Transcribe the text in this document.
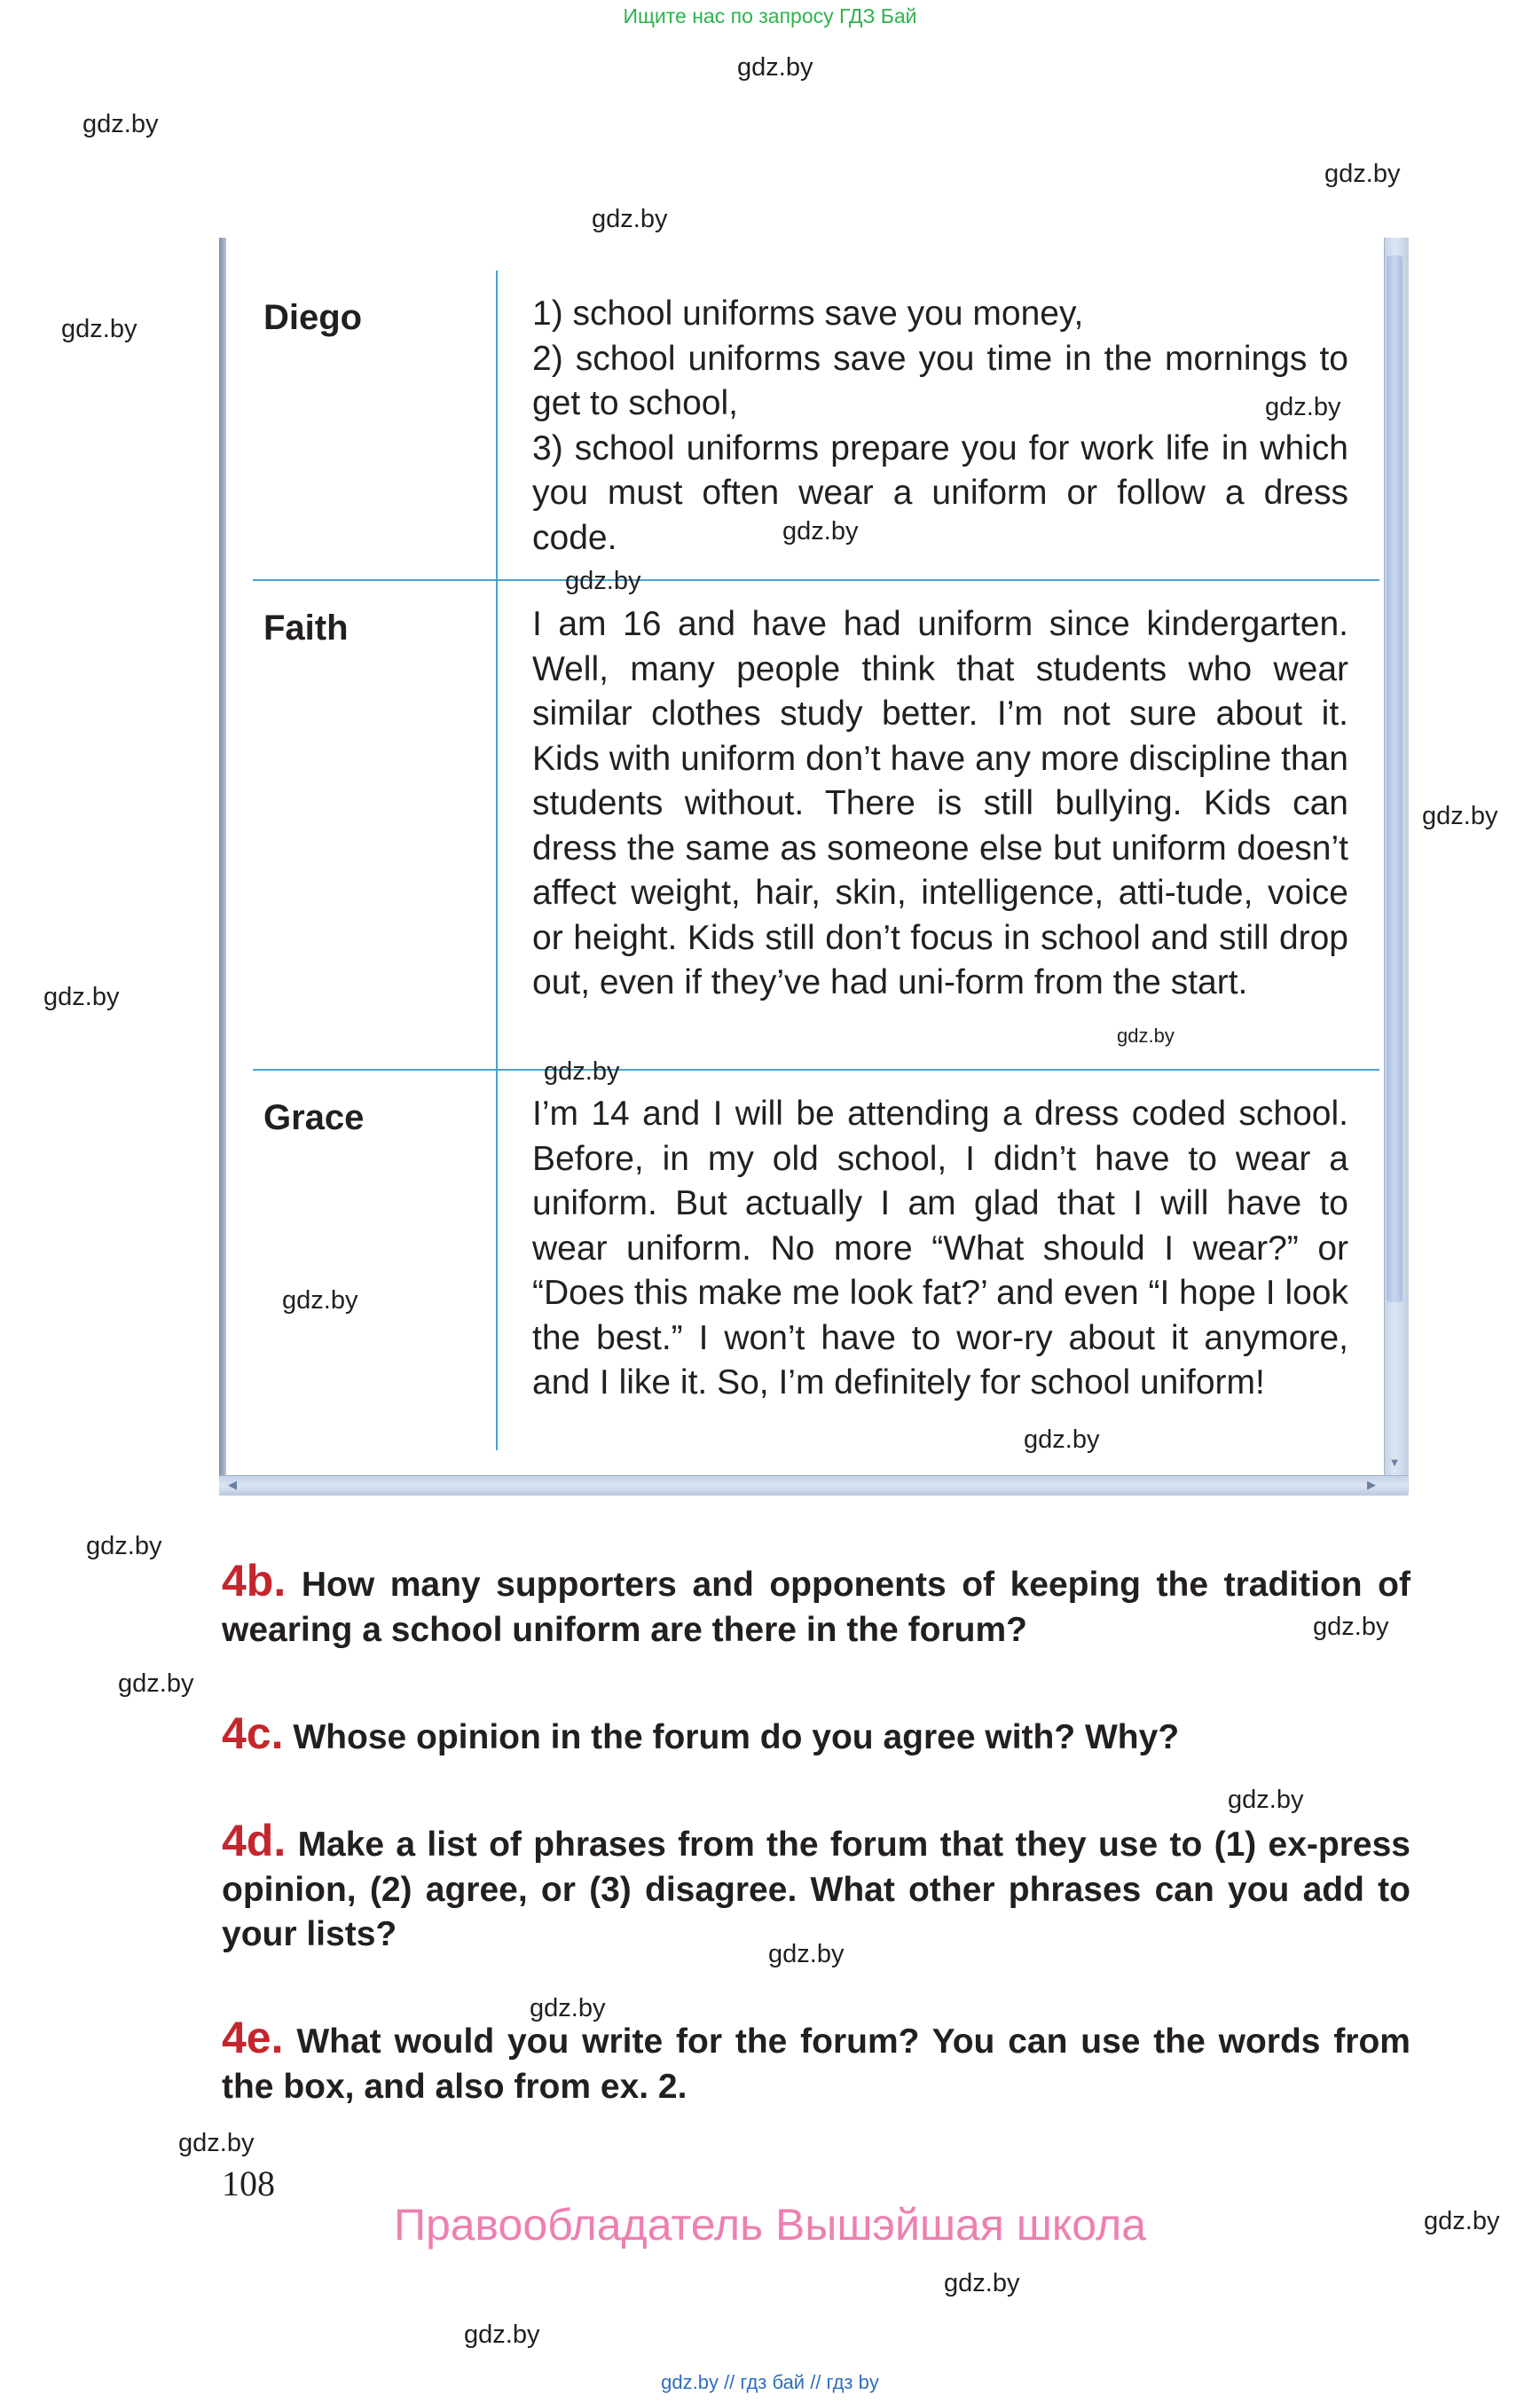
Ищите нас по запросу ГДЗ Бай
▼
◀	▶
Diego	1) school uniforms save you money,

2) school uniforms save you time in the mornings to get to school,

3) school uniforms prepare you for work life in which you must often wear a uniform or follow a dress code.

Faith	I am 16 and have had uniform since kindergarten. Well, many people think that students who wear similar clothes study better. I’m not sure about it. Kids with uniform don’t have any more discipline than students without. There is still bullying. Kids can dress the same as someone else but uniform doesn’t affect weight, hair, skin, intelligence, atti-tude, voice or height. Kids still don’t focus in school and still drop out, even if they’ve had uni-form from the start.

Grace	I’m 14 and I will be attending a dress coded school. Before, in my old school, I didn’t have to wear a uniform. But actually I am glad that I will have to wear uniform. No more “What should I wear?” or “Does this make me look fat?’ and even “I hope I look the best.” I won’t have to wor-ry about it anymore, and I like it. So, I’m definitely for school uniform!

4b. How many supporters and opponents of keeping the tradition of wearing a school uniform are there in the forum?
4c. Whose opinion in the forum do you agree with? Why?
4d. Make a list of phrases from the forum that they use to (1) ex-press opinion, (2) agree, or (3) disagree. What other phrases can you add to your lists?
4e. What would you write for the forum? You can use the words from the box, and also from ex. 2.
108
Правообладатель Вышэйшая школа
gdz.by // гдз бай // гдз by
gdz.by
gdz.by
gdz.by
gdz.by
gdz.by
gdz.by
gdz.by
gdz.by
gdz.by
gdz.by
gdz.by
gdz.by
gdz.by
gdz.by
gdz.by
gdz.by
gdz.by
gdz.by
gdz.by
gdz.by
gdz.by
gdz.by
gdz.by
gdz.by
